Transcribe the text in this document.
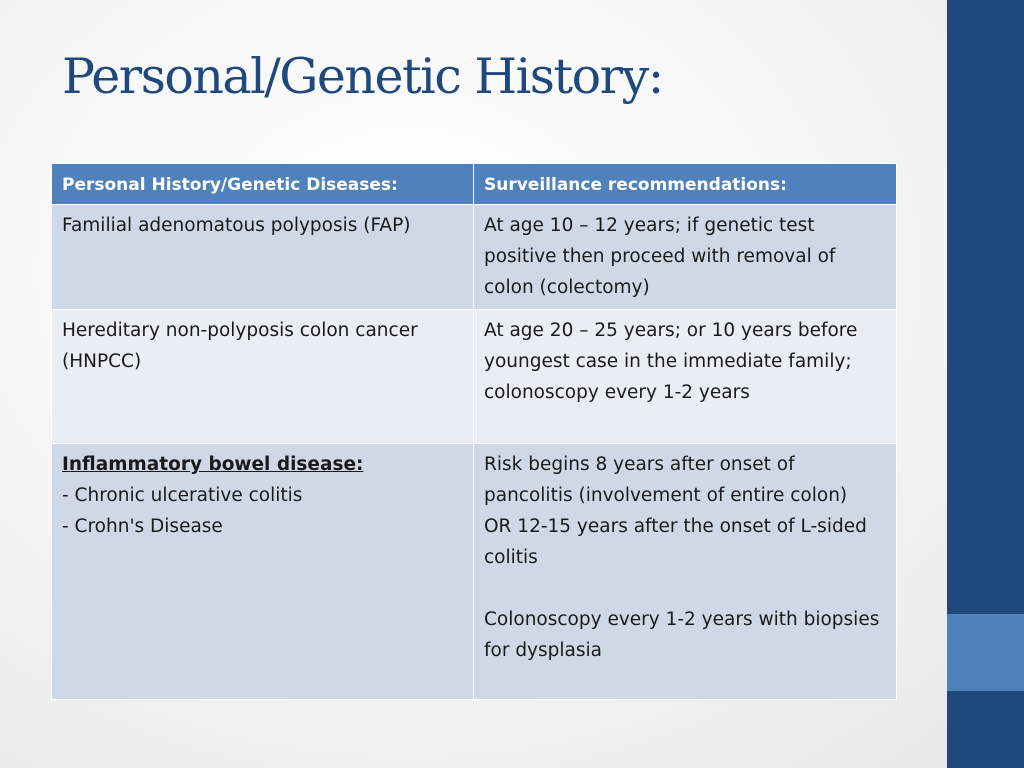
Personal/Genetic History:
Personal History/Genetic Diseases:	Surveillance recommendations:
Familial adenomatous polyposis (FAP)	At age 10 – 12 years; if genetic test positive then proceed with removal of colon (colectomy)
Hereditary non-polyposis colon cancer (HNPCC)	At age 20 – 25 years; or 10 years before youngest case in the immediate family; colonoscopy every 1-2 years

Inflammatory bowel disease:
- Chronic ulcerative colitis
- Crohn's Disease	Risk begins 8 years after onset of pancolitis (involvement of entire colon)
OR 12-15 years after the onset of L-sided colitis
Colonoscopy every 1-2 years with biopsies for dysplasia
